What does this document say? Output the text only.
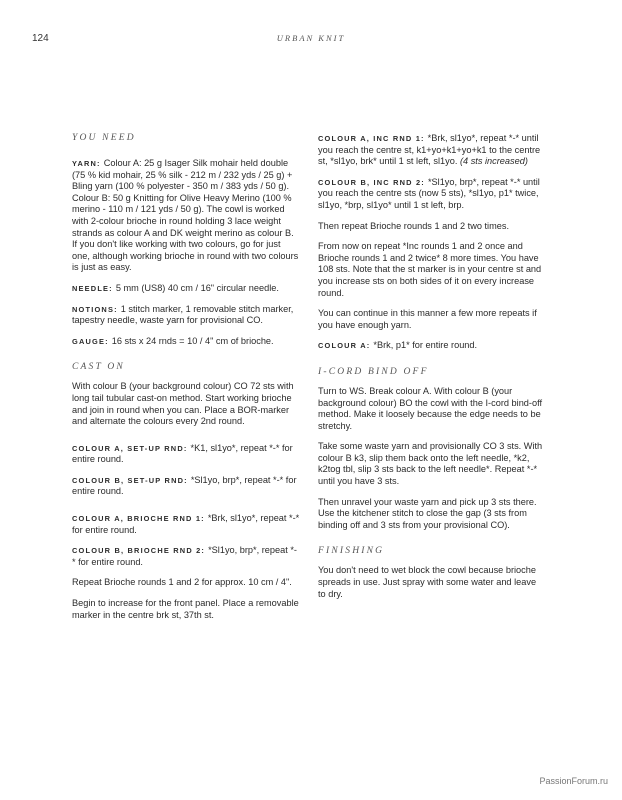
124	URBAN KNIT
YOU NEED

YARN: Colour A: 25 g Isager Silk mohair held double (75 % kid mohair, 25 % silk - 212 m / 232 yds / 25 g) + Bling yarn (100 % polyester - 350 m / 383 yds / 50 g). Colour B: 50 g Knitting for Olive Heavy Merino (100 % merino - 110 m / 121 yds / 50 g). The cowl is worked with 2-colour brioche in round holding 3 lace weight strands as colour A and DK weight merino as colour B. If you don't like working with two colours, go for just one, although working brioche in round with two colours is just as easy.

NEEDLE: 5 mm (US8) 40 cm / 16" circular needle.

NOTIONS: 1 stitch marker, 1 removable stitch marker, tapestry needle, waste yarn for provisional CO.

GAUGE: 16 sts x 24 rnds = 10 / 4" cm of brioche.

CAST ON

With colour B (your background colour) CO 72 sts with long tail tubular cast-on method. Start working brioche and join in round when you can. Place a BOR-marker and alternate the colours every 2nd round.

COLOUR A, SET-UP RND: *K1, sl1yo*, repeat *-* for entire round.

COLOUR B, SET-UP RND: *Sl1yo, brp*, repeat *-* for entire round.

COLOUR A, BRIOCHE RND 1: *Brk, sl1yo*, repeat *-* for entire round.

COLOUR B, BRIOCHE RND 2: *Sl1yo, brp*, repeat *-* for entire round.

Repeat Brioche rounds 1 and 2 for approx. 10 cm / 4".

Begin to increase for the front panel. Place a removable marker in the centre brk st, 37th st.

COLOUR A, INC RND 1: *Brk, sl1yo*, repeat *-* until you reach the centre st, k1+yo+k1+yo+k1 to the centre st, *sl1yo, brk* until 1 st left, sl1yo. (4 sts increased)

COLOUR B, INC RND 2: *Sl1yo, brp*, repeat *-* until you reach the centre sts (now 5 sts), *sl1yo, p1* twice, sl1yo, *brp, sl1yo* until 1 st left, brp.

Then repeat Brioche rounds 1 and 2 two times.

From now on repeat *Inc rounds 1 and 2 once and Brioche rounds 1 and 2 twice* 8 more times. You have 108 sts. Note that the st marker is in your centre st and you increase sts on both sides of it on every increase round.

You can continue in this manner a few more repeats if you have enough yarn.

COLOUR A: *Brk, p1* for entire round.

I-CORD BIND OFF

Turn to WS. Break colour A. With colour B (your background colour) BO the cowl with the I-cord bind-off method. Make it loosely because the edge needs to be stretchy.

Take some waste yarn and provisionally CO 3 sts. With colour B k3, slip them back onto the left needle, *k2, k2tog tbl, slip 3 sts back to the left needle*. Repeat *-* until you have 3 sts.

Then unravel your waste yarn and pick up 3 sts there. Use the kitchener stitch to close the gap (3 sts from binding off and 3 sts from your provisional CO).

FINISHING

You don't need to wet block the cowl because brioche spreads in use. Just spray with some water and leave to dry.

PassionForum.ru
